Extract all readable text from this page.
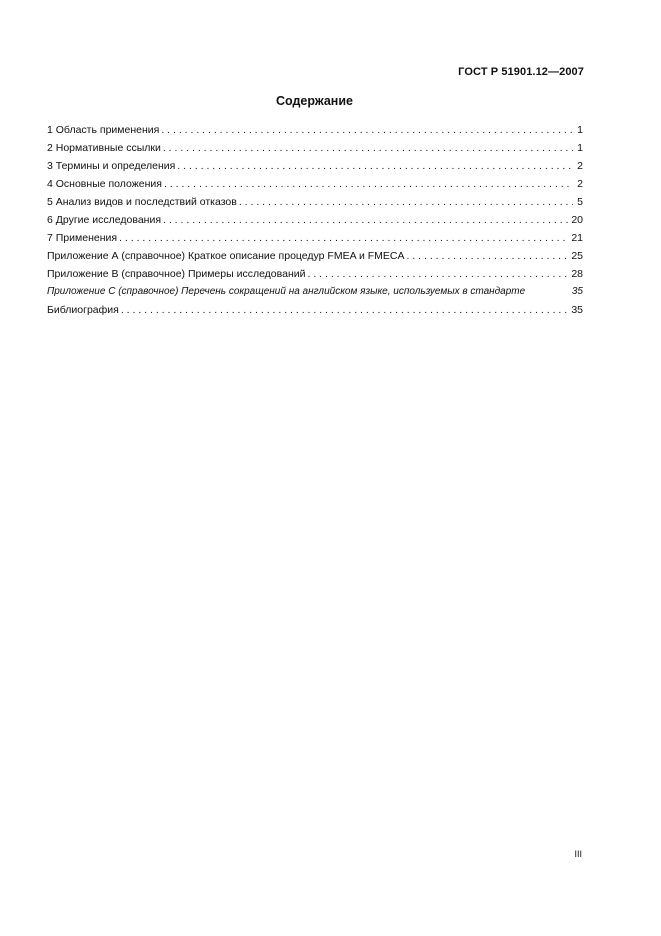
ГОСТ Р 51901.12—2007
Содержание
1 Область применения . . .	1
2 Нормативные ссылки . . .	1
3 Термины и определения . . .	2
4 Основные положения . . .	2
5 Анализ видов и последствий отказов . . .	5
6 Другие исследования . . .	20
7 Применения . . .	21
Приложение А (справочное) Краткое описание процедур FMEA и FMECA . . .	25
Приложение В (справочное) Примеры исследований . . .	28
Приложение С (справочное) Перечень сокращений на английском языке, используемых в стандарте	35
Библиография . . .	35
III
